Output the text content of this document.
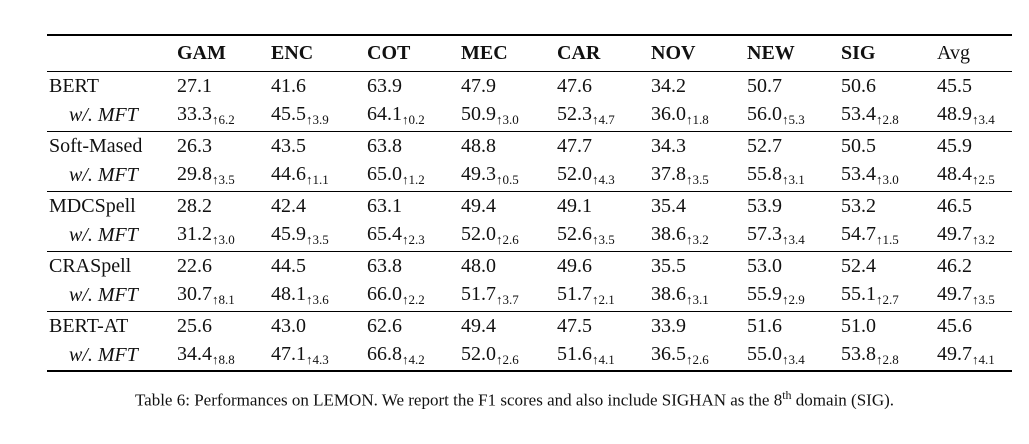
	GAM	ENC	COT	MEC	CAR	NOV	NEW	SIG	Avg
BERT	27.1	41.6	63.9	47.9	47.6	34.2	50.7	50.6	45.5
w/. MFT	$33.3_{↑6.2}$	$45.5_{↑3.9}$	$64.1_{↑0.2}$	$50.9_{↑3.0}$	$52.3_{↑4.7}$	$36.0_{↑1.8}$	$56.0_{↑5.3}$	$53.4_{↑2.8}$	$48.9_{↑3.4}$
Soft-Mased	26.3	43.5	63.8	48.8	47.7	34.3	52.7	50.5	45.9
w/. MFT	$29.8_{↑3.5}$	$44.6_{↑1.1}$	$65.0_{↑1.2}$	$49.3_{↑0.5}$	$52.0_{↑4.3}$	$37.8_{↑3.5}$	$55.8_{↑3.1}$	$53.4_{↑3.0}$	$48.4_{↑2.5}$
MDCSpell	28.2	42.4	63.1	49.4	49.1	35.4	53.9	53.2	46.5
w/. MFT	$31.2_{↑3.0}$	$45.9_{↑3.5}$	$65.4_{↑2.3}$	$52.0_{↑2.6}$	$52.6_{↑3.5}$	$38.6_{↑3.2}$	$57.3_{↑3.4}$	$54.7_{↑1.5}$	$49.7_{↑3.2}$
CRASpell	22.6	44.5	63.8	48.0	49.6	35.5	53.0	52.4	46.2
w/. MFT	$30.7_{↑8.1}$	$48.1_{↑3.6}$	$66.0_{↑2.2}$	$51.7_{↑3.7}$	$51.7_{↑2.1}$	$38.6_{↑3.1}$	$55.9_{↑2.9}$	$55.1_{↑2.7}$	$49.7_{↑3.5}$
BERT-AT	25.6	43.0	62.6	49.4	47.5	33.9	51.6	51.0	45.6
w/. MFT	$34.4_{↑8.8}$	$47.1_{↑4.3}$	$66.8_{↑4.2}$	$52.0_{↑2.6}$	$51.6_{↑4.1}$	$36.5_{↑2.6}$	$55.0_{↑3.4}$	$53.8_{↑2.8}$	$49.7_{↑4.1}$
Table 6: Performances on LEMON. We report the F1 scores and also include SIGHAN as the 8th domain (SIG).
